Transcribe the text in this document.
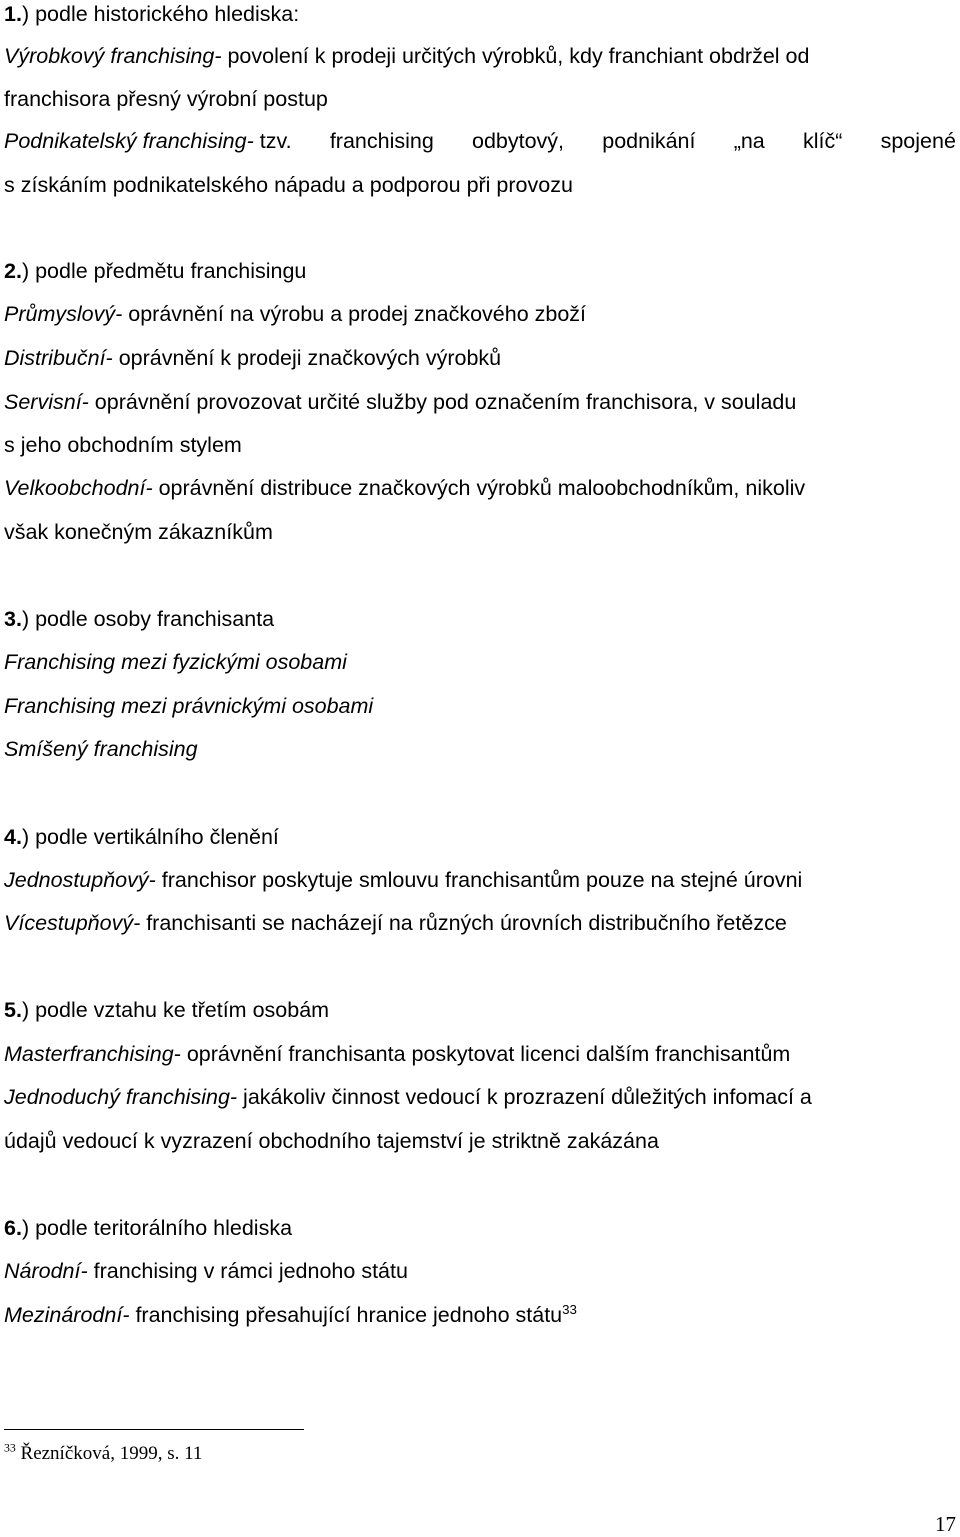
1.) podle historického hlediska:
Výrobkový franchising- povolení k prodeji určitých výrobků, kdy franchiant obdržel od
franchisora přesný výrobní postup
Podnikatelský franchising- tzv. franchising odbytový, podnikání „na klíč“ spojené
s získáním podnikatelského nápadu a podporou při provozu
2.) podle předmětu franchisingu
Průmyslový- oprávnění na výrobu a prodej značkového zboží
Distribuční- oprávnění k prodeji značkových výrobků
Servisní- oprávnění provozovat určité služby pod označením franchisora, v souladu
s jeho obchodním stylem
Velkoobchodní- oprávnění distribuce značkových výrobků maloobchodníkům, nikoliv
však konečným zákazníkům
3.) podle osoby franchisanta
Franchising mezi fyzickými osobami
Franchising mezi právnickými osobami
Smíšený franchising
4.) podle vertikálního členění
Jednostupňový- franchisor poskytuje smlouvu franchisantům pouze na stejné úrovni
Vícestupňový- franchisanti se nacházejí na různých úrovních distribučního řetězce
5.) podle vztahu ke třetím osobám
Masterfranchising- oprávnění franchisanta poskytovat licenci dalším franchisantům
Jednoduchý franchising- jakákoliv činnost vedoucí k prozrazení důležitých infomací a
údajů vedoucí k vyzrazení obchodního tajemství je striktně zakázána
6.) podle teritorálního hlediska
Národní- franchising v rámci jednoho státu
Mezinárodní- franchising přesahující hranice jednoho státu$^{33}$
$^{33}$ Řezníčková, 1999, s. 11
17
